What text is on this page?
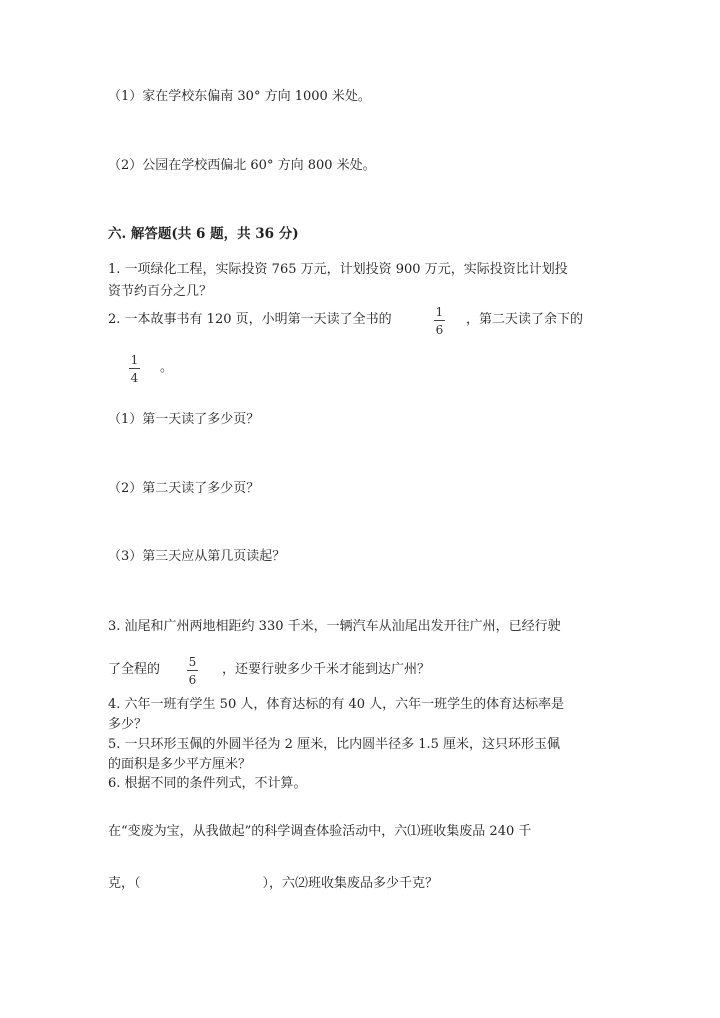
（1）家在学校东偏南 30° 方向 1000 米处。
（2）公园在学校西偏北 60° 方向 800 米处。
六. 解答题(共 6 题，共 36 分)
1. 一项绿化工程，实际投资 765 万元，计划投资 900 万元，实际投资比计划投
资节约百分之几？
2. 一本故事书有 120 页，小明第一天读了全书的	1
6
，第二天读了余下的
1
4
。
（1）第一天读了多少页？
（2）第二天读了多少页？
（3）第三天应从第几页读起？
3. 汕尾和广州两地相距约 330 千米，一辆汽车从汕尾出发开往广州，已经行驶
了全程的 5
6
，还要行驶多少千米才能到达广州？
4. 六年一班有学生 50 人，体育达标的有 40 人，六年一班学生的体育达标率是
多少？
5. 一只环形玉佩的外圆半径为 2 厘米，比内圆半径多 1.5 厘米，这只环形玉佩
的面积是多少平方厘米？
6. 根据不同的条件列式，不计算。
在“变废为宝，从我做起”的科学调查体验活动中，六⑴班收集废品 240 千
克，（	），六⑵班收集废品多少千克？
